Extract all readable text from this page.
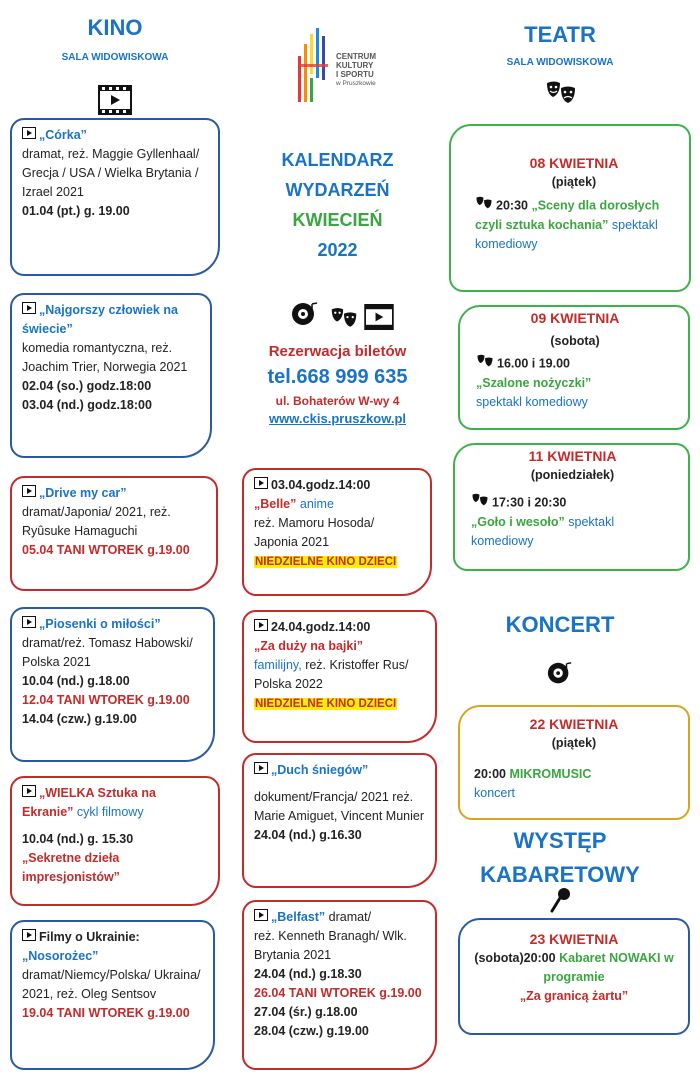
KINO
SALA WIDOWISKOWA
TEATR
SALA WIDOWISKOWA
CENTRUM
KULTURY
I SPORTU
w Pruszkowie
KALENDARZ
WYDARZEŃ
KWIECIEŃ
2022
Rezerwacja biletów
tel.668 999 635
ul. Bohaterów W-wy 4
www.ckis.pruszkow.pl
„Córka”
dramat, reż. Maggie Gyllenhaal/ Grecja / USA / Wielka Brytania / Izrael 2021
01.04 (pt.) g. 19.00
„Najgorszy człowiek na świecie”
komedia romantyczna, reż. Joachim Trier, Norwegia 2021
02.04 (so.) godz.18:00
03.04 (nd.) godz.18:00
„Drive my car”
dramat/Japonia/ 2021, reż. Ryûsuke Hamaguchi
05.04 TANI WTOREK g.19.00
„Piosenki o miłości”
dramat/reż. Tomasz Habowski/ Polska 2021
10.04 (nd.) g.18.00
12.04 TANI WTOREK g.19.00
14.04 (czw.) g.19.00
„WIELKA Sztuka na Ekranie” cykl filmowy
10.04 (nd.) g. 15.30
„Sekretne dzieła impresjonistów”
Filmy o Ukrainie:
„Nosorożec”
dramat/Niemcy/Polska/ Ukraina/ 2021, reż. Oleg Sentsov
19.04 TANI WTOREK g.19.00
03.04.godz.14:00
„Belle” anime
reż. Mamoru Hosoda/ Japonia 2021
NIEDZIELNE KINO DZIECI
24.04.godz.14:00
„Za duży na bajki”
familijny, reż. Kristoffer Rus/ Polska 2022
NIEDZIELNE KINO DZIECI
„Duch śniegów”
dokument/Francja/ 2021 reż. Marie Amiguet, Vincent Munier
24.04 (nd.) g.16.30
„Belfast” dramat/
reż. Kenneth Branagh/ Wlk. Brytania 2021
24.04 (nd.) g.18.30
26.04 TANI WTOREK g.19.00
27.04 (śr.) g.18.00
28.04 (czw.) g.19.00
08 KWIETNIA
(piątek)
20:30 „Sceny dla dorosłych czyli sztuka kochania” spektakl komediowy
09 KWIETNIA
(sobota)
16.00 i 19.00
„Szalone nożyczki”
spektakl komediowy
11 KWIETNIA
(poniedziałek)
17:30 i 20:30
„Goło i wesoło” spektakl komediowy
KONCERT
22 KWIETNIA
(piątek)
20:00 MIKROMUSIC
koncert
WYSTĘP
KABARETOWY
23 KWIETNIA
(sobota)20:00 Kabaret NOWAKI w programie
„Za granicą żartu”
